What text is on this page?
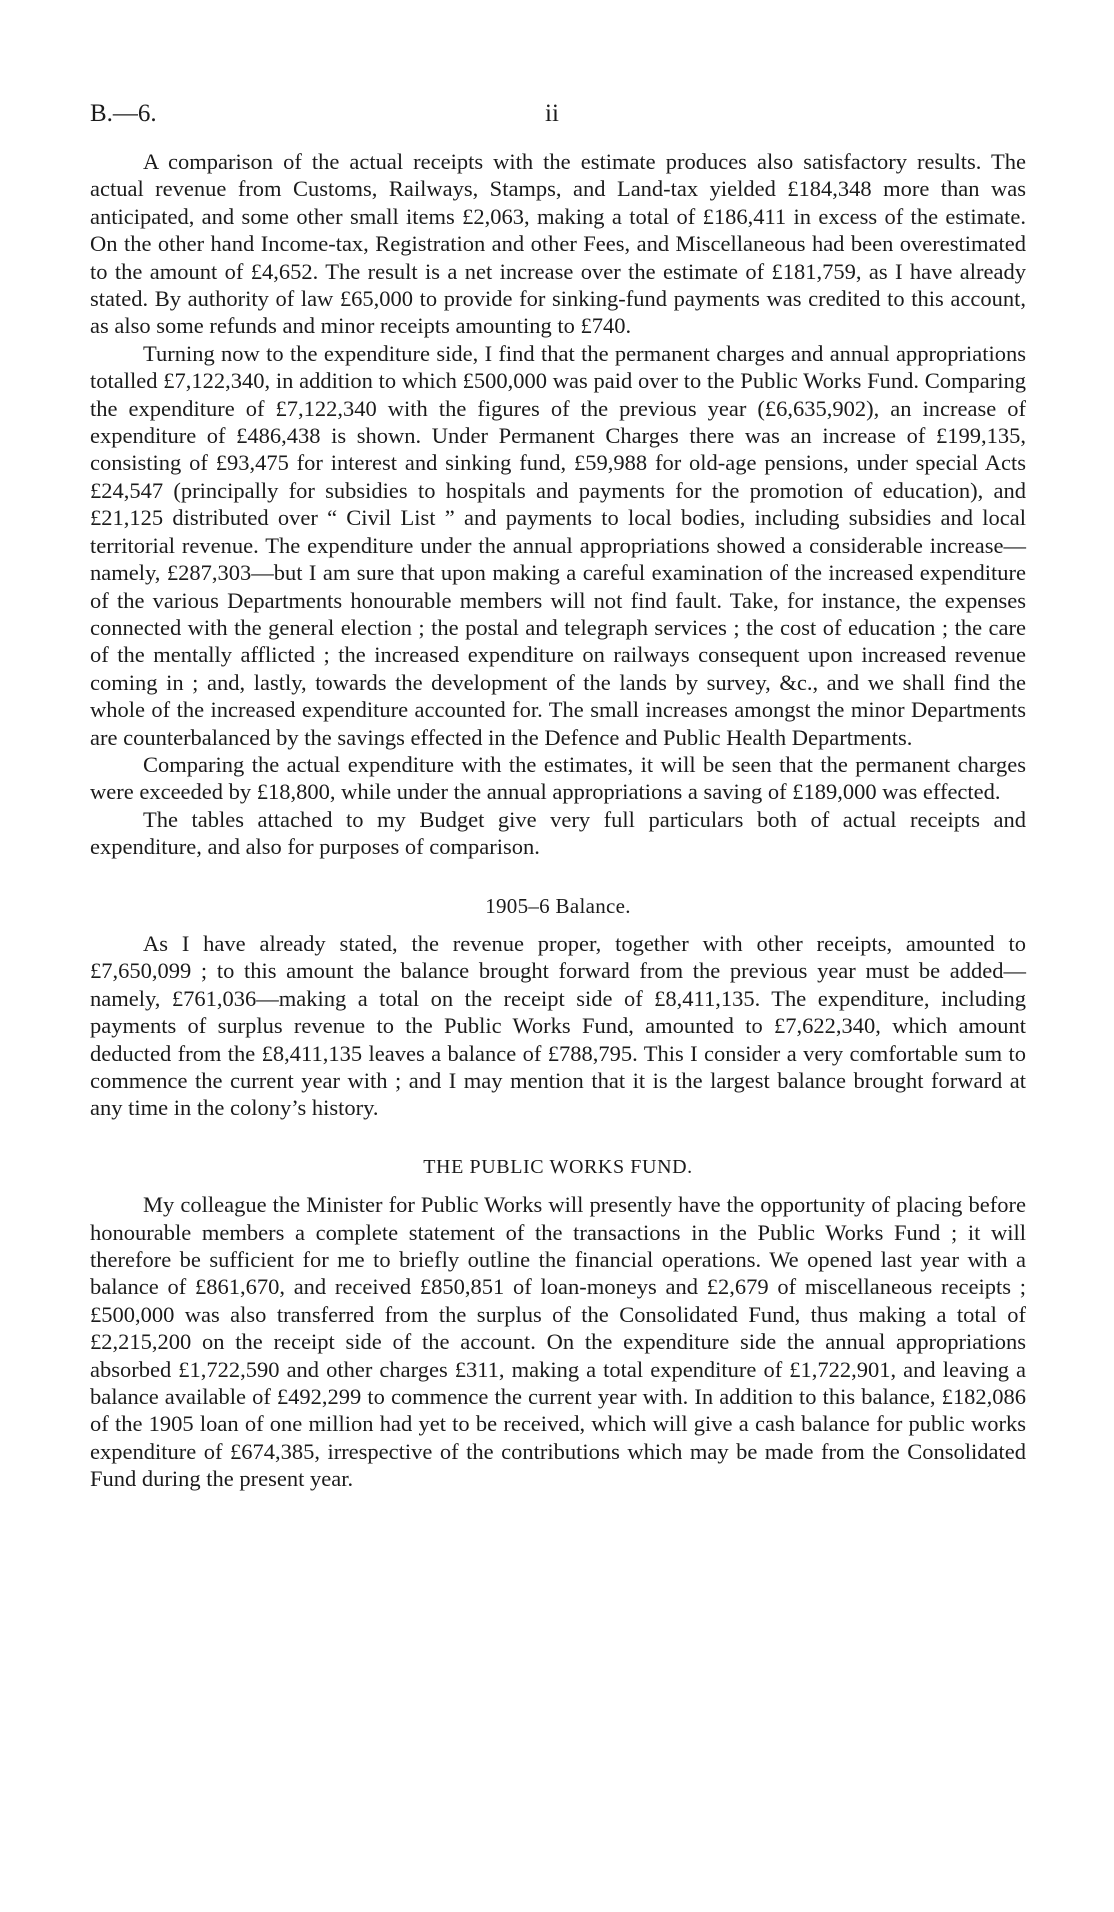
B.—6.	ii

A comparison of the actual receipts with the estimate produces also satisfactory results. The actual revenue from Customs, Railways, Stamps, and Land-tax yielded £184,348 more than was anticipated, and some other small items £2,063, making a total of £186,411 in excess of the estimate. On the other hand Income-tax, Registration and other Fees, and Miscellaneous had been overestimated to the amount of £4,652. The result is a net increase over the estimate of £181,759, as I have already stated. By authority of law £65,000 to provide for sinking-fund payments was credited to this account, as also some refunds and minor receipts amounting to £740.

Turning now to the expenditure side, I find that the permanent charges and annual appropriations totalled £7,122,340, in addition to which £500,000 was paid over to the Public Works Fund. Comparing the expenditure of £7,122,340 with the figures of the previous year (£6,635,902), an increase of expenditure of £486,438 is shown. Under Permanent Charges there was an increase of £199,135, consisting of £93,475 for interest and sinking fund, £59,988 for old-age pensions, under special Acts £24,547 (principally for subsidies to hospitals and payments for the promotion of education), and £21,125 distributed over “ Civil List ” and payments to local bodies, including subsidies and local territorial revenue. The expenditure under the annual appropriations showed a considerable increase—namely, £287,303—but I am sure that upon making a careful examination of the increased expenditure of the various Departments honourable members will not find fault. Take, for instance, the expenses connected with the general election ; the postal and telegraph services ; the cost of education ; the care of the mentally afflicted ; the increased expenditure on railways consequent upon increased revenue coming in ; and, lastly, towards the development of the lands by survey, &c., and we shall find the whole of the increased expenditure accounted for. The small increases amongst the minor Departments are counterbalanced by the savings effected in the Defence and Public Health Departments.

Comparing the actual expenditure with the estimates, it will be seen that the permanent charges were exceeded by £18,800, while under the annual appropriations a saving of £189,000 was effected.

The tables attached to my Budget give very full particulars both of actual receipts and expenditure, and also for purposes of comparison.

1905–6 Balance.

As I have already stated, the revenue proper, together with other receipts, amounted to £7,650,099 ; to this amount the balance brought forward from the previous year must be added—namely, £761,036—making a total on the receipt side of £8,411,135. The expenditure, including payments of surplus revenue to the Public Works Fund, amounted to £7,622,340, which amount deducted from the £8,411,135 leaves a balance of £788,795. This I consider a very comfortable sum to commence the current year with ; and I may mention that it is the largest balance brought forward at any time in the colony’s history.

THE PUBLIC WORKS FUND.

My colleague the Minister for Public Works will presently have the opportunity of placing before honourable members a complete statement of the transactions in the Public Works Fund ; it will therefore be sufficient for me to briefly outline the financial operations. We opened last year with a balance of £861,670, and received £850,851 of loan-moneys and £2,679 of miscellaneous receipts ; £500,000 was also transferred from the surplus of the Consolidated Fund, thus making a total of £2,215,200 on the receipt side of the account. On the expenditure side the annual appropriations absorbed £1,722,590 and other charges £311, making a total expenditure of £1,722,901, and leaving a balance available of £492,299 to commence the current year with. In addition to this balance, £182,086 of the 1905 loan of one million had yet to be received, which will give a cash balance for public works expenditure of £674,385, irrespective of the contributions which may be made from the Consolidated Fund during the present year.
